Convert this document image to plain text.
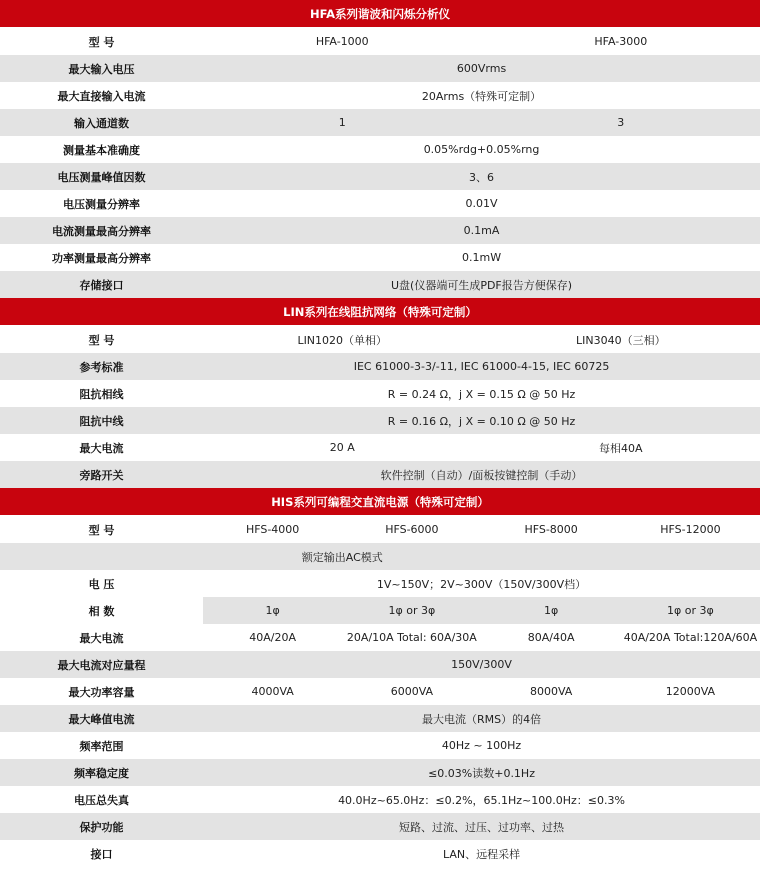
HFA系列谐波和闪烁分析仪				
型 号	HFA-1000		HFA-3000	
最大输入电压	600Vrms			
最大直接输入电流	20Arms（特殊可定制）			
输入通道数	1		3	
测量基本准确度	0.05%rdg+0.05%rng			
电压测量峰值因数	3、6			
电压测量分辨率	0.01V			
电流测量最高分辨率	0.1mA			
功率测量最高分辨率	0.1mW			
存储接口	U盘(仪器端可生成PDF报告方便保存)			
LIN系列在线阻抗网络（特殊可定制）				
型 号	LIN1020（单相）		LIN3040（三相）	
参考标准	IEC 61000-3-3/-11, IEC 61000-4-15, IEC 60725			
阻抗相线	R = 0.24 Ω，j X = 0.15 Ω @ 50 Hz			
阻抗中线	R = 0.16 Ω，j X = 0.10 Ω @ 50 Hz			
最大电流	20 A		每相40A	
旁路开关	软件控制（自动）/面板按键控制（手动）			
HIS系列可编程交直流电源（特殊可定制）				
型 号	HFS-4000	HFS-6000	HFS-8000	HFS-12000
	额定输出AC模式			
电 压	1V~150V；2V~300V（150V/300V档）			
相 数	1φ	1φ or 3φ	1φ	1φ or 3φ
最大电流	40A/20A	20A/10A Total: 60A/30A	80A/40A	40A/20A Total:120A/60A
最大电流对应量程	150V/300V			
最大功率容量	4000VA	6000VA	8000VA	12000VA
最大峰值电流	最大电流（RMS）的4倍			
频率范围	40Hz ~ 100Hz			
频率稳定度	≤0.03%读数+0.1Hz			
电压总失真	40.0Hz~65.0Hz：≤0.2%，65.1Hz~100.0Hz：≤0.3%			
保护功能	短路、过流、过压、过功率、过热			
接口	LAN、远程采样			
